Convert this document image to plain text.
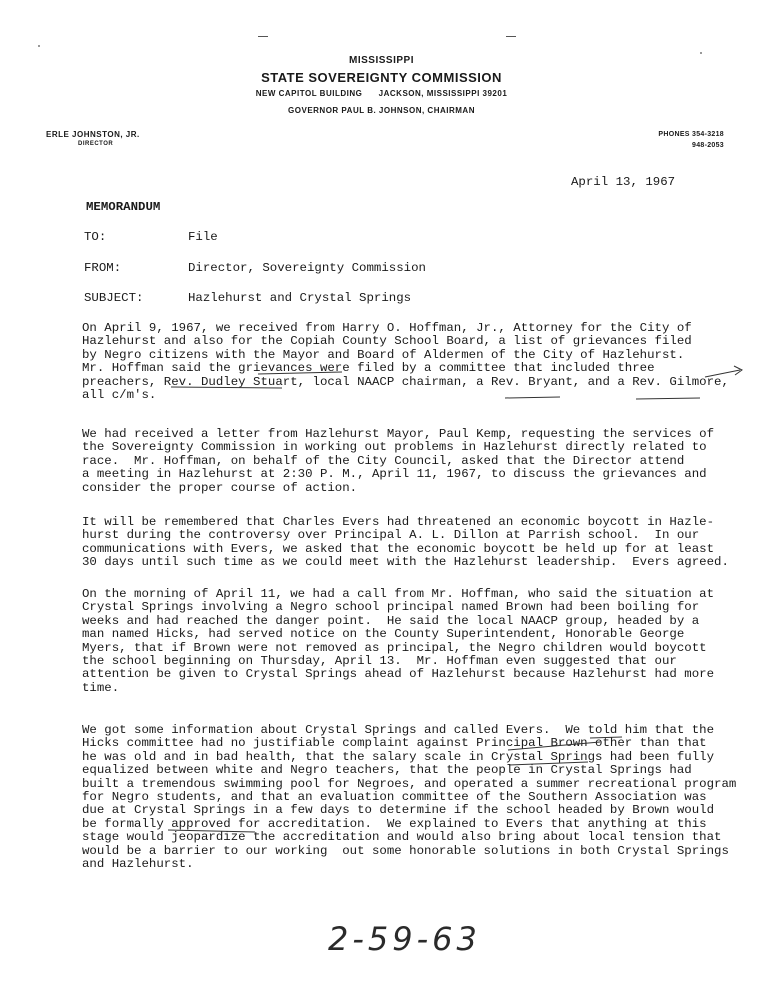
MISSISSIPPI
STATE SOVEREIGNTY COMMISSION
NEW CAPITOL BUILDING      JACKSON, MISSISSIPPI 39201
GOVERNOR PAUL B. JOHNSON, CHAIRMAN
ERLE JOHNSTON, JR.
DIRECTOR
PHONES 354-3218
948-2053
April 13, 1967
MEMORANDUM
TO:	File
FROM:	Director, Sovereignty Commission
SUBJECT:	Hazlehurst and Crystal Springs
On April 9, 1967, we received from Harry O. Hoffman, Jr., Attorney for the City of
Hazlehurst and also for the Copiah County School Board, a list of grievances filed
by Negro citizens with the Mayor and Board of Aldermen of the City of Hazlehurst.
Mr. Hoffman said the grievances were filed by a committee that included three
preachers, Rev. Dudley Stuart, local NAACP chairman, a Rev. Bryant, and a Rev. Gilmore,
all c/m's.
We had received a letter from Hazlehurst Mayor, Paul Kemp, requesting the services of
the Sovereignty Commission in working out problems in Hazlehurst directly related to
race.  Mr. Hoffman, on behalf of the City Council, asked that the Director attend
a meeting in Hazlehurst at 2:30 P. M., April 11, 1967, to discuss the grievances and
consider the proper course of action.
It will be remembered that Charles Evers had threatened an economic boycott in Hazle-
hurst during the controversy over Principal A. L. Dillon at Parrish school.  In our
communications with Evers, we asked that the economic boycott be held up for at least
30 days until such time as we could meet with the Hazlehurst leadership.  Evers agreed.
On the morning of April 11, we had a call from Mr. Hoffman, who said the situation at
Crystal Springs involving a Negro school principal named Brown had been boiling for
weeks and had reached the danger point.  He said the local NAACP group, headed by a
man named Hicks, had served notice on the County Superintendent, Honorable George
Myers, that if Brown were not removed as principal, the Negro children would boycott
the school beginning on Thursday, April 13.  Mr. Hoffman even suggested that our
attention be given to Crystal Springs ahead of Hazlehurst because Hazlehurst had more
time.
We got some information about Crystal Springs and called Evers.  We told him that the
Hicks committee had no justifiable complaint against Principal Brown other than that
he was old and in bad health, that the salary scale in Crystal Springs had been fully
equalized between white and Negro teachers, that the people in Crystal Springs had
built a tremendous swimming pool for Negroes, and operated a summer recreational program
for Negro students, and that an evaluation committee of the Southern Association was
due at Crystal Springs in a few days to determine if the school headed by Brown would
be formally approved for accreditation.  We explained to Evers that anything at this
stage would jeopardize the accreditation and would also bring about local tension that
would be a barrier to our working  out some honorable solutions in both Crystal Springs
and Hazlehurst.
2-59-63
